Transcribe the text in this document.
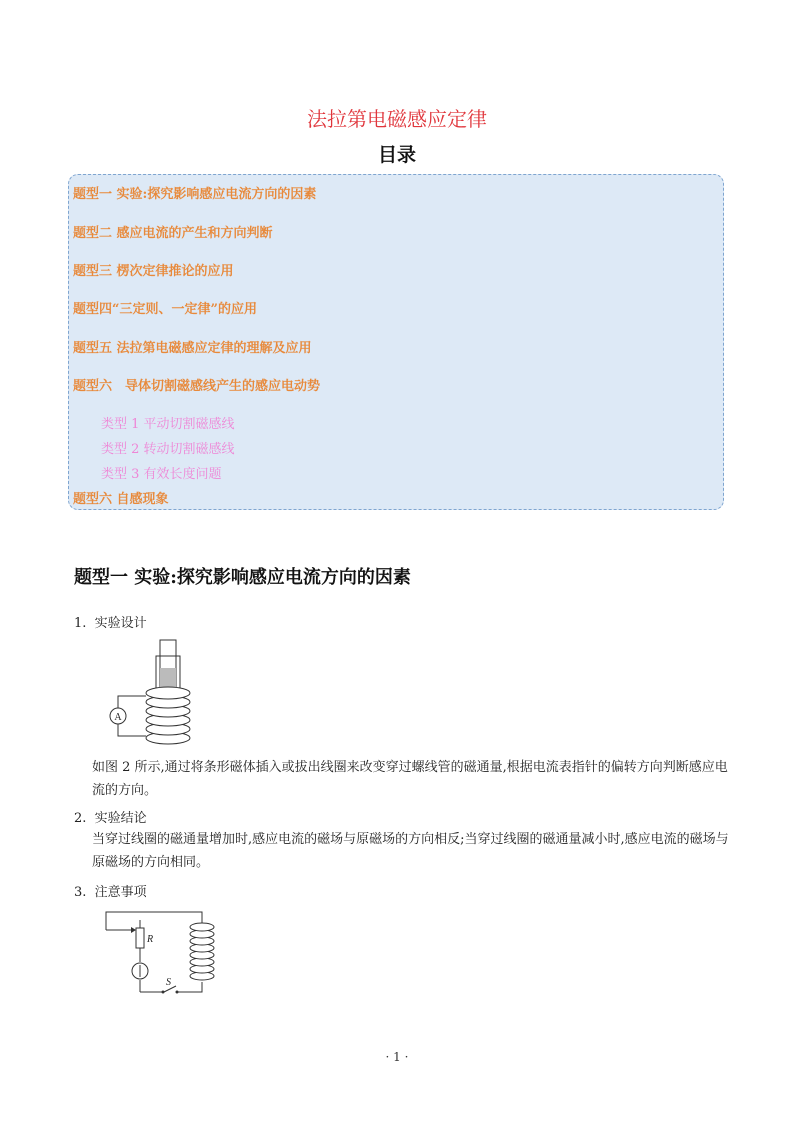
法拉第电磁感应定律
目录
题型一 实验:探究影响感应电流方向的因素
题型二 感应电流的产生和方向判断
题型三 楞次定律推论的应用
题型四“三定则、一定律”的应用
题型五 法拉第电磁感应定律的理解及应用
题型六　导体切割磁感线产生的感应电动势
类型 1 平动切割磁感线
类型 2 转动切割磁感线
类型 3 有效长度问题
题型六 自感现象
题型一 实验:探究影响感应电流方向的因素
1. 实验设计
A
如图 2 所示,通过将条形磁体插入或拔出线圈来改变穿过螺线管的磁通量,根据电流表指针的偏转方向判断感应电流的方向。
2. 实验结论
当穿过线圈的磁通量增加时,感应电流的磁场与原磁场的方向相反;当穿过线圈的磁通量减小时,感应电流的磁场与原磁场的方向相同。
3. 注意事项
R
S
· 1 ·
